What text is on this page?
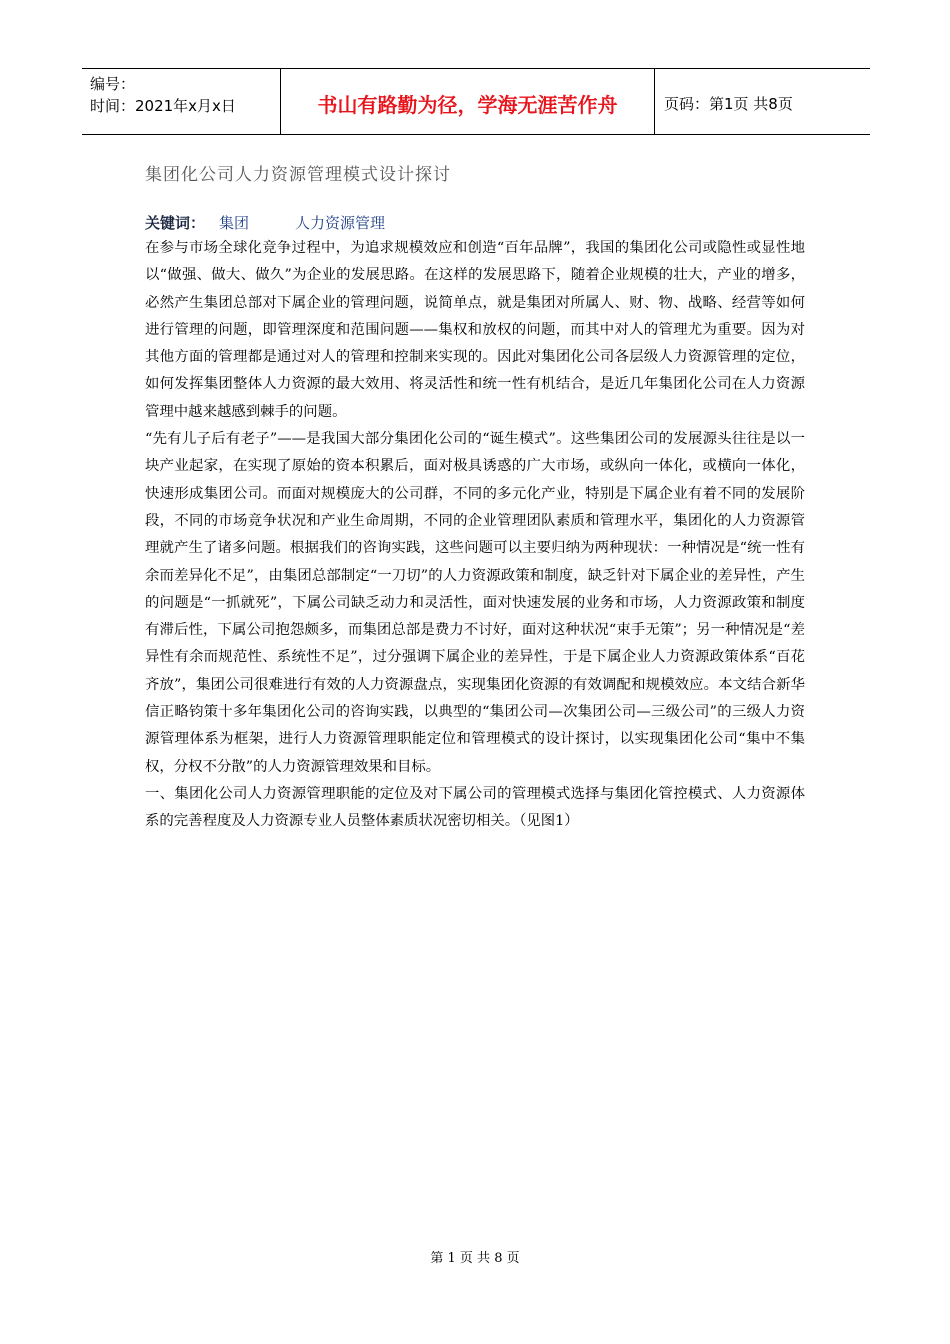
编号：
时间：2021年x月x日	书山有路勤为径，学海无涯苦作舟	页码：第1页 共8页
集团化公司人力资源管理模式设计探讨
关键词： 集团	人力资源管理

在参与市场全球化竞争过程中，为追求规模效应和创造“百年品牌”，我国的集团化公司或隐性或显性地以“做强、做大、做久”为企业的发展思路。在这样的发展思路下，随着企业规模的壮大，产业的增多，必然产生集团总部对下属企业的管理问题，说简单点，就是集团对所属人、财、物、战略、经营等如何进行管理的问题，即管理深度和范围问题——集权和放权的问题，而其中对人的管理尤为重要。因为对其他方面的管理都是通过对人的管理和控制来实现的。因此对集团化公司各层级人力资源管理的定位，如何发挥集团整体人力资源的最大效用、将灵活性和统一性有机结合，是近几年集团化公司在人力资源管理中越来越感到棘手的问题。

“先有儿子后有老子”——是我国大部分集团化公司的“诞生模式”。这些集团公司的发展源头往往是以一块产业起家，在实现了原始的资本积累后，面对极具诱惑的广大市场，或纵向一体化，或横向一体化，快速形成集团公司。而面对规模庞大的公司群，不同的多元化产业，特别是下属企业有着不同的发展阶段，不同的市场竞争状况和产业生命周期，不同的企业管理团队素质和管理水平，集团化的人力资源管理就产生了诸多问题。根据我们的咨询实践，这些问题可以主要归纳为两种现状：一种情况是“统一性有余而差异化不足”，由集团总部制定“一刀切”的人力资源政策和制度，缺乏针对下属企业的差异性，产生的问题是“一抓就死”，下属公司缺乏动力和灵活性，面对快速发展的业务和市场，人力资源政策和制度有滞后性，下属公司抱怨颇多，而集团总部是费力不讨好，面对这种状况“束手无策”；另一种情况是“差异性有余而规范性、系统性不足”，过分强调下属企业的差异性，于是下属企业人力资源政策体系“百花齐放”，集团公司很难进行有效的人力资源盘点，实现集团化资源的有效调配和规模效应。本文结合新华信正略钧策十多年集团化公司的咨询实践，以典型的“集团公司—次集团公司—三级公司”的三级人力资源管理体系为框架，进行人力资源管理职能定位和管理模式的设计探讨，以实现集团化公司“集中不集权，分权不分散”的人力资源管理效果和目标。

一、集团化公司人力资源管理职能的定位及对下属公司的管理模式选择与集团化管控模式、人力资源体系的完善程度及人力资源专业人员整体素质状况密切相关。（见图1）

第 1 页 共 8 页
